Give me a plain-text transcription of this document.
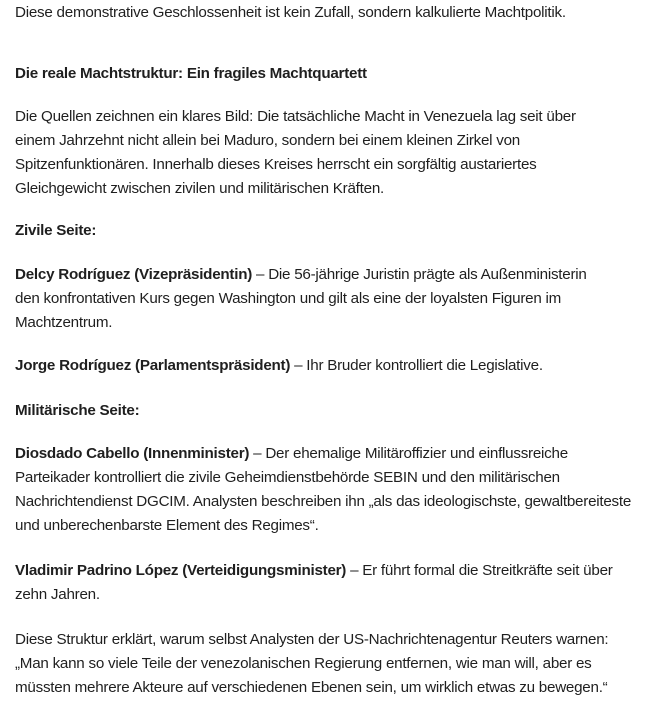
Diese demonstrative Geschlossenheit ist kein Zufall, sondern kalkulierte Machtpolitik.

Die reale Machtstruktur: Ein fragiles Machtquartett

Die Quellen zeichnen ein klares Bild: Die tatsächliche Macht in Venezuela lag seit über einem Jahrzehnt nicht allein bei Maduro, sondern bei einem kleinen Zirkel von Spitzenfunktionären. Innerhalb dieses Kreises herrscht ein sorgfältig austariertes Gleichgewicht zwischen zivilen und militärischen Kräften.

Zivile Seite:

Delcy Rodríguez (Vizepräsidentin) – Die 56-jährige Juristin prägte als Außenministerin den konfrontativen Kurs gegen Washington und gilt als eine der loyalsten Figuren im Machtzentrum.

Jorge Rodríguez (Parlamentspräsident) – Ihr Bruder kontrolliert die Legislative.

Militärische Seite:

Diosdado Cabello (Innenminister) – Der ehemalige Militäroffizier und einflussreiche Parteikader kontrolliert die zivile Geheimdienstbehörde SEBIN und den militärischen Nachrichtendienst DGCIM. Analysten beschreiben ihn „als das ideologischste, gewaltbereiteste und unberechenbarste Element des Regimes“.

Vladimir Padrino López (Verteidigungsminister) – Er führt formal die Streitkräfte seit über zehn Jahren.

Diese Struktur erklärt, warum selbst Analysten der US-Nachrichtenagentur Reuters warnen: „Man kann so viele Teile der venezolanischen Regierung entfernen, wie man will, aber es müssten mehrere Akteure auf verschiedenen Ebenen sein, um wirklich etwas zu bewegen.“
